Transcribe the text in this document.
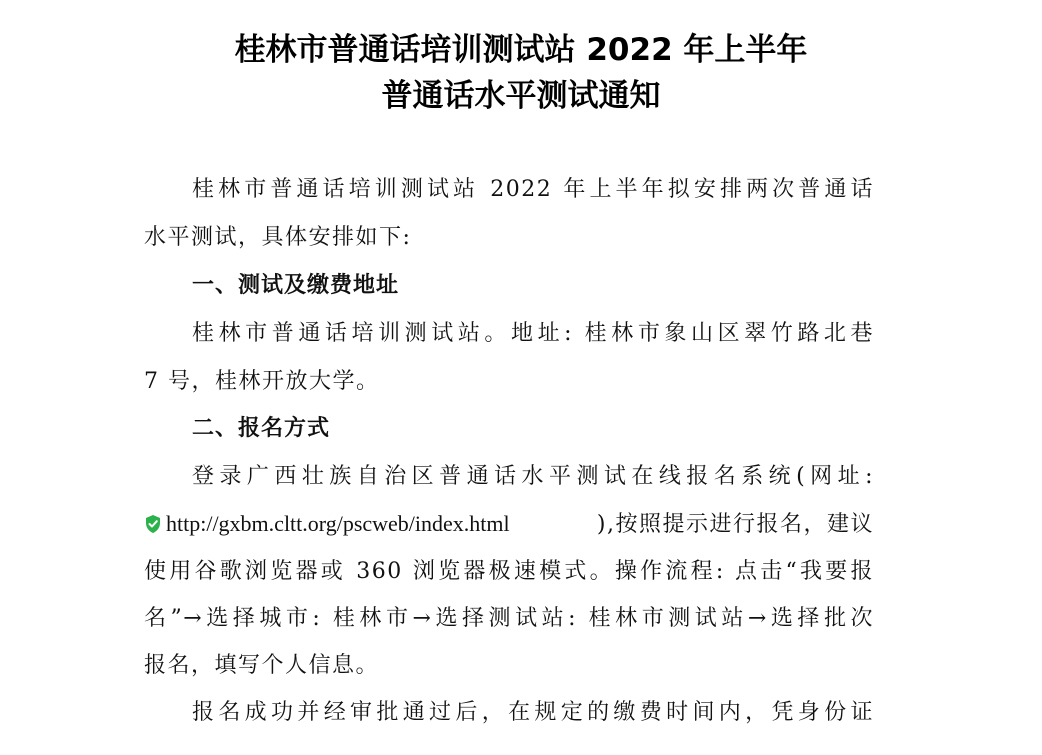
桂林市普通话培训测试站 2022 年上半年
普通话水平测试通知
桂林市普通话培训测试站 2022 年上半年拟安排两次普通话
水平测试，具体安排如下:
一、测试及缴费地址
桂林市普通话培训测试站。地址: 桂林市象山区翠竹路北巷
7 号，桂林开放大学。
二、报名方式
登录广西壮族自治区普通话水平测试在线报名系统(网址:
http://gxbm.cltt.org/pscweb/index.html	),按照提示进行报名，建议
使用谷歌浏览器或 360 浏览器极速模式。操作流程: 点击“我要报
名”→选择城市: 桂林市→选择测试站: 桂林市测试站→选择批次
报名，填写个人信息。
报名成功并经审批通过后，在规定的缴费时间内，凭身份证
